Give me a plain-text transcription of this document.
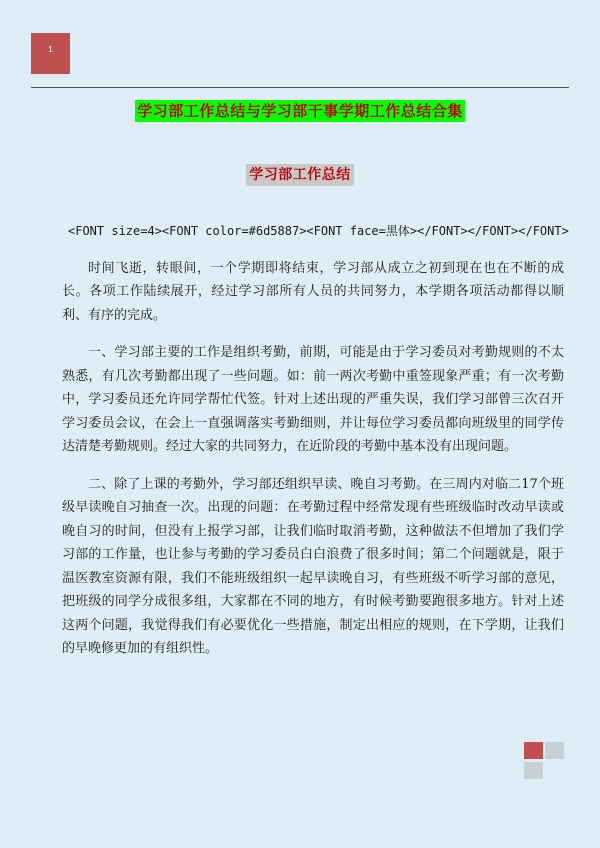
1
学习部工作总结与学习部干事学期工作总结合集
学习部工作总结

<FONT size=4><FONT color=#6d5887><FONT face=黑体></FONT></FONT></FONT>

时间飞逝，转眼间，一个学期即将结束，学习部从成立之初到现在也在不断的成长。各项工作陆续展开，经过学习部所有人员的共同努力，本学期各项活动都得以顺利、有序的完成。

一、学习部主要的工作是组织考勤，前期，可能是由于学习委员对考勤规则的不太熟悉，有几次考勤都出现了一些问题。如：前一两次考勤中重签现象严重；有一次考勤中，学习委员还允许同学帮忙代签。针对上述出现的严重失误，我们学习部曾三次召开学习委员会议，在会上一直强调落实考勤细则，并让每位学习委员都向班级里的同学传达清楚考勤规则。经过大家的共同努力，在近阶段的考勤中基本没有出现问题。

二、除了上课的考勤外，学习部还组织早读、晚自习考勤。在三周内对临二17个班级早读晚自习抽查一次。出现的问题：在考勤过程中经常发现有些班级临时改动早读或晚自习的时间，但没有上报学习部，让我们临时取消考勤，这种做法不但增加了我们学习部的工作量，也让参与考勤的学习委员白白浪费了很多时间；第二个问题就是，限于温医教室资源有限，我们不能班级组织一起早读晚自习，有些班级不听学习部的意见，把班级的同学分成很多组，大家都在不同的地方，有时候考勤要跑很多地方。针对上述这两个问题，我觉得我们有必要优化一些措施，制定出相应的规则，在下学期，让我们的早晚修更加的有组织性。
